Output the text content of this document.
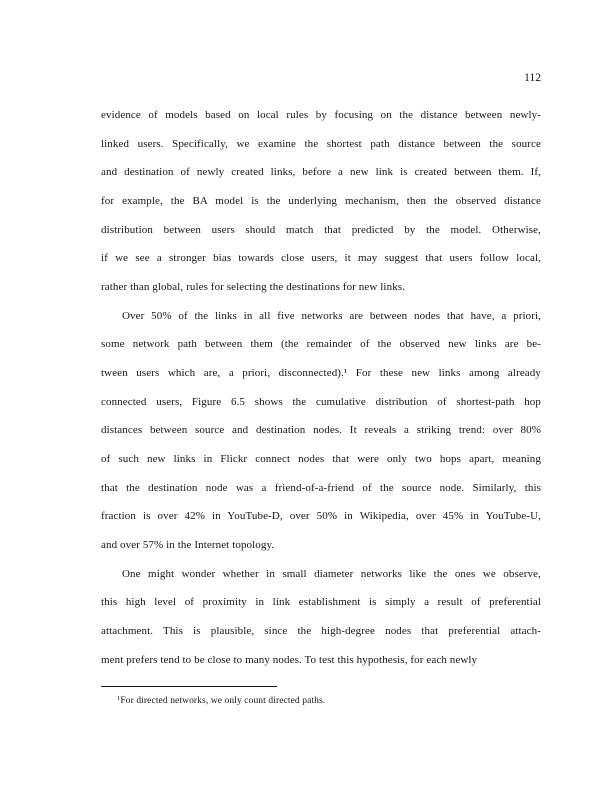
112
evidence of models based on local rules by focusing on the distance between newly-
linked users. Specifically, we examine the shortest path distance between the source
and destination of newly created links, before a new link is created between them. If,
for example, the BA model is the underlying mechanism, then the observed distance
distribution between users should match that predicted by the model. Otherwise,
if we see a stronger bias towards close users, it may suggest that users follow local,
rather than global, rules for selecting the destinations for new links.
Over 50% of the links in all five networks are between nodes that have, a priori,
some network path between them (the remainder of the observed new links are be-
tween users which are, a priori, disconnected).¹ For these new links among already
connected users, Figure 6.5 shows the cumulative distribution of shortest-path hop
distances between source and destination nodes. It reveals a striking trend: over 80%
of such new links in Flickr connect nodes that were only two hops apart, meaning
that the destination node was a friend-of-a-friend of the source node. Similarly, this
fraction is over 42% in YouTube-D, over 50% in Wikipedia, over 45% in YouTube-U,
and over 57% in the Internet topology.
One might wonder whether in small diameter networks like the ones we observe,
this high level of proximity in link establishment is simply a result of preferential
attachment. This is plausible, since the high-degree nodes that preferential attach-
ment prefers tend to be close to many nodes. To test this hypothesis, for each newly
$^1$For directed networks, we only count directed paths.
